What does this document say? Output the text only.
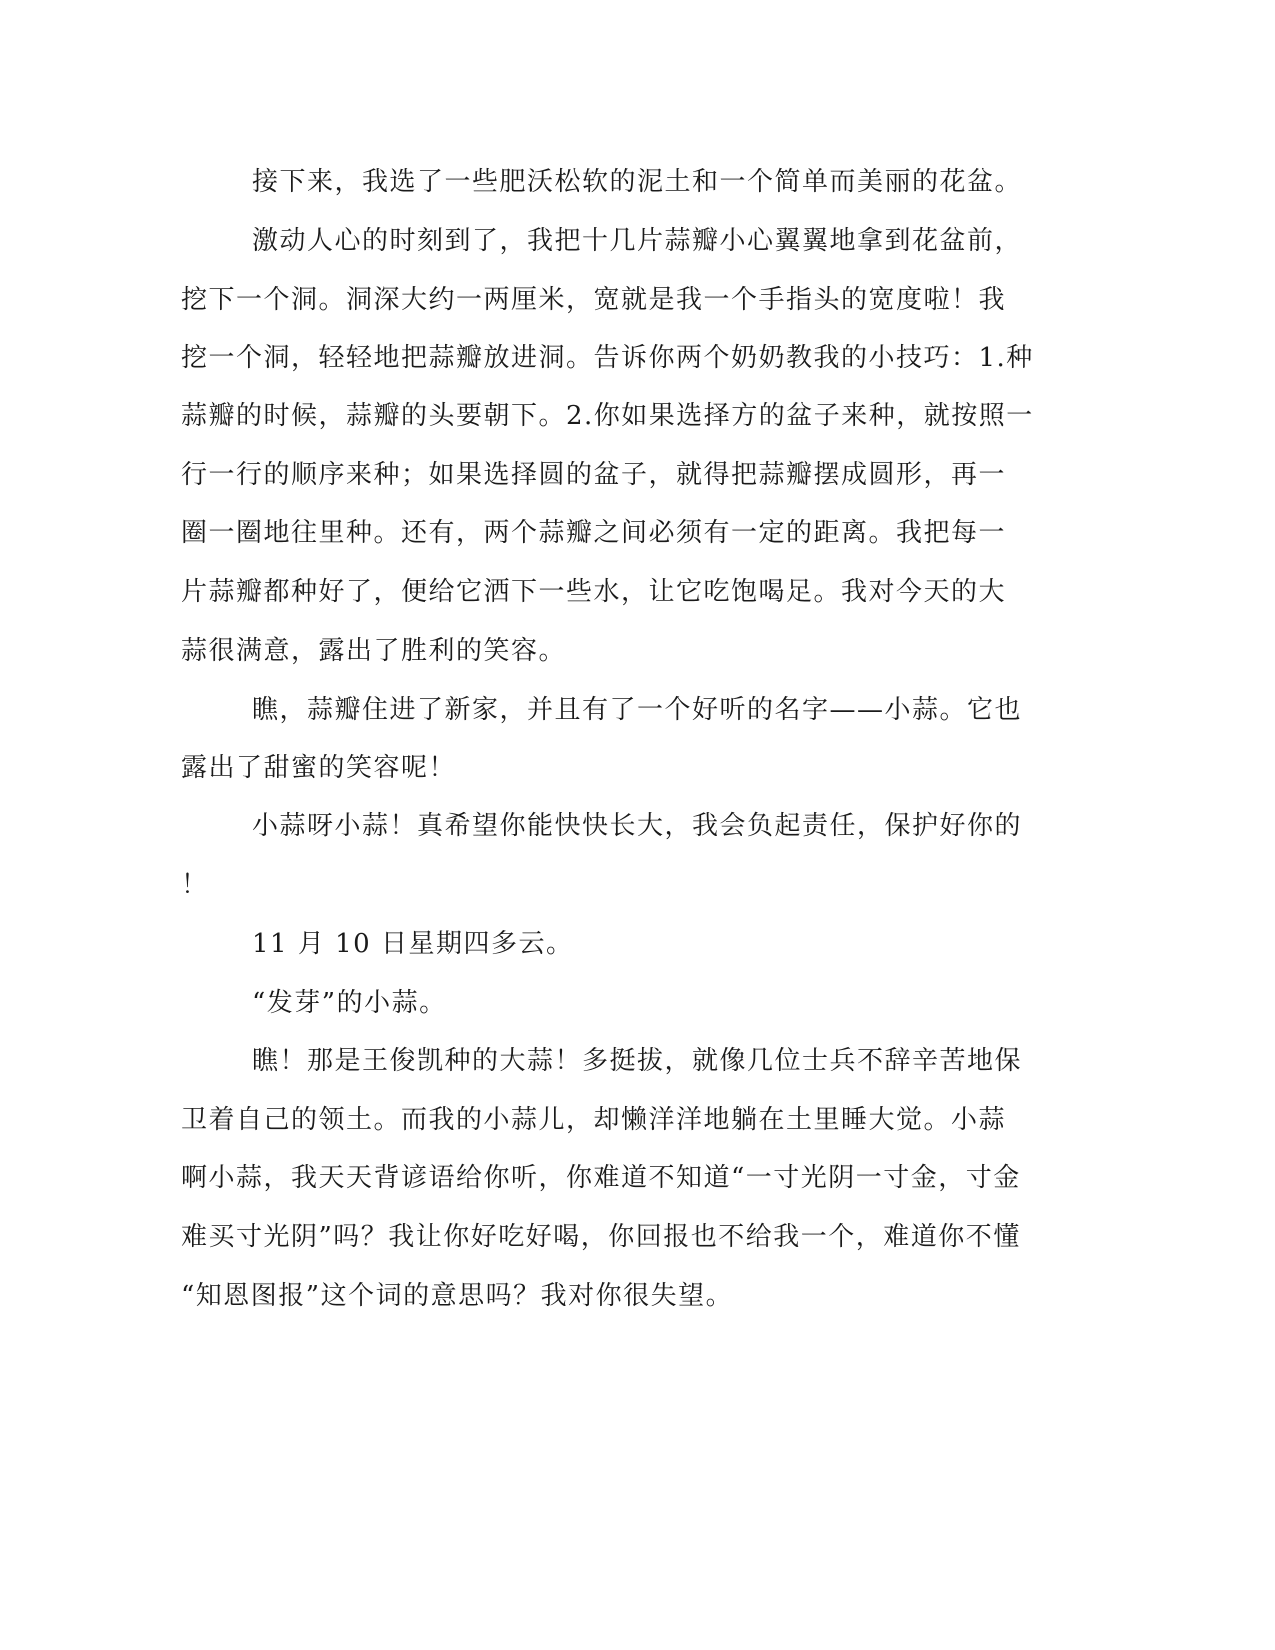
接下来，我选了一些肥沃松软的泥土和一个简单而美丽的花盆。
激动人心的时刻到了，我把十几片蒜瓣小心翼翼地拿到花盆前，
挖下一个洞。洞深大约一两厘米，宽就是我一个手指头的宽度啦！我
挖一个洞，轻轻地把蒜瓣放进洞。告诉你两个奶奶教我的小技巧：1.种
蒜瓣的时候，蒜瓣的头要朝下。2.你如果选择方的盆子来种，就按照一
行一行的顺序来种；如果选择圆的盆子，就得把蒜瓣摆成圆形，再一
圈一圈地往里种。还有，两个蒜瓣之间必须有一定的距离。我把每一
片蒜瓣都种好了，便给它洒下一些水，让它吃饱喝足。我对今天的大
蒜很满意，露出了胜利的笑容。
瞧，蒜瓣住进了新家，并且有了一个好听的名字——小蒜。它也
露出了甜蜜的笑容呢！
小蒜呀小蒜！真希望你能快快长大，我会负起责任，保护好你的
！
11 月 10 日星期四多云。
“发芽”的小蒜。
瞧！那是王俊凯种的大蒜！多挺拔，就像几位士兵不辞辛苦地保
卫着自己的领土。而我的小蒜儿，却懒洋洋地躺在土里睡大觉。小蒜
啊小蒜，我天天背谚语给你听，你难道不知道“一寸光阴一寸金，寸金
难买寸光阴”吗？我让你好吃好喝，你回报也不给我一个，难道你不懂
“知恩图报”这个词的意思吗？我对你很失望。
